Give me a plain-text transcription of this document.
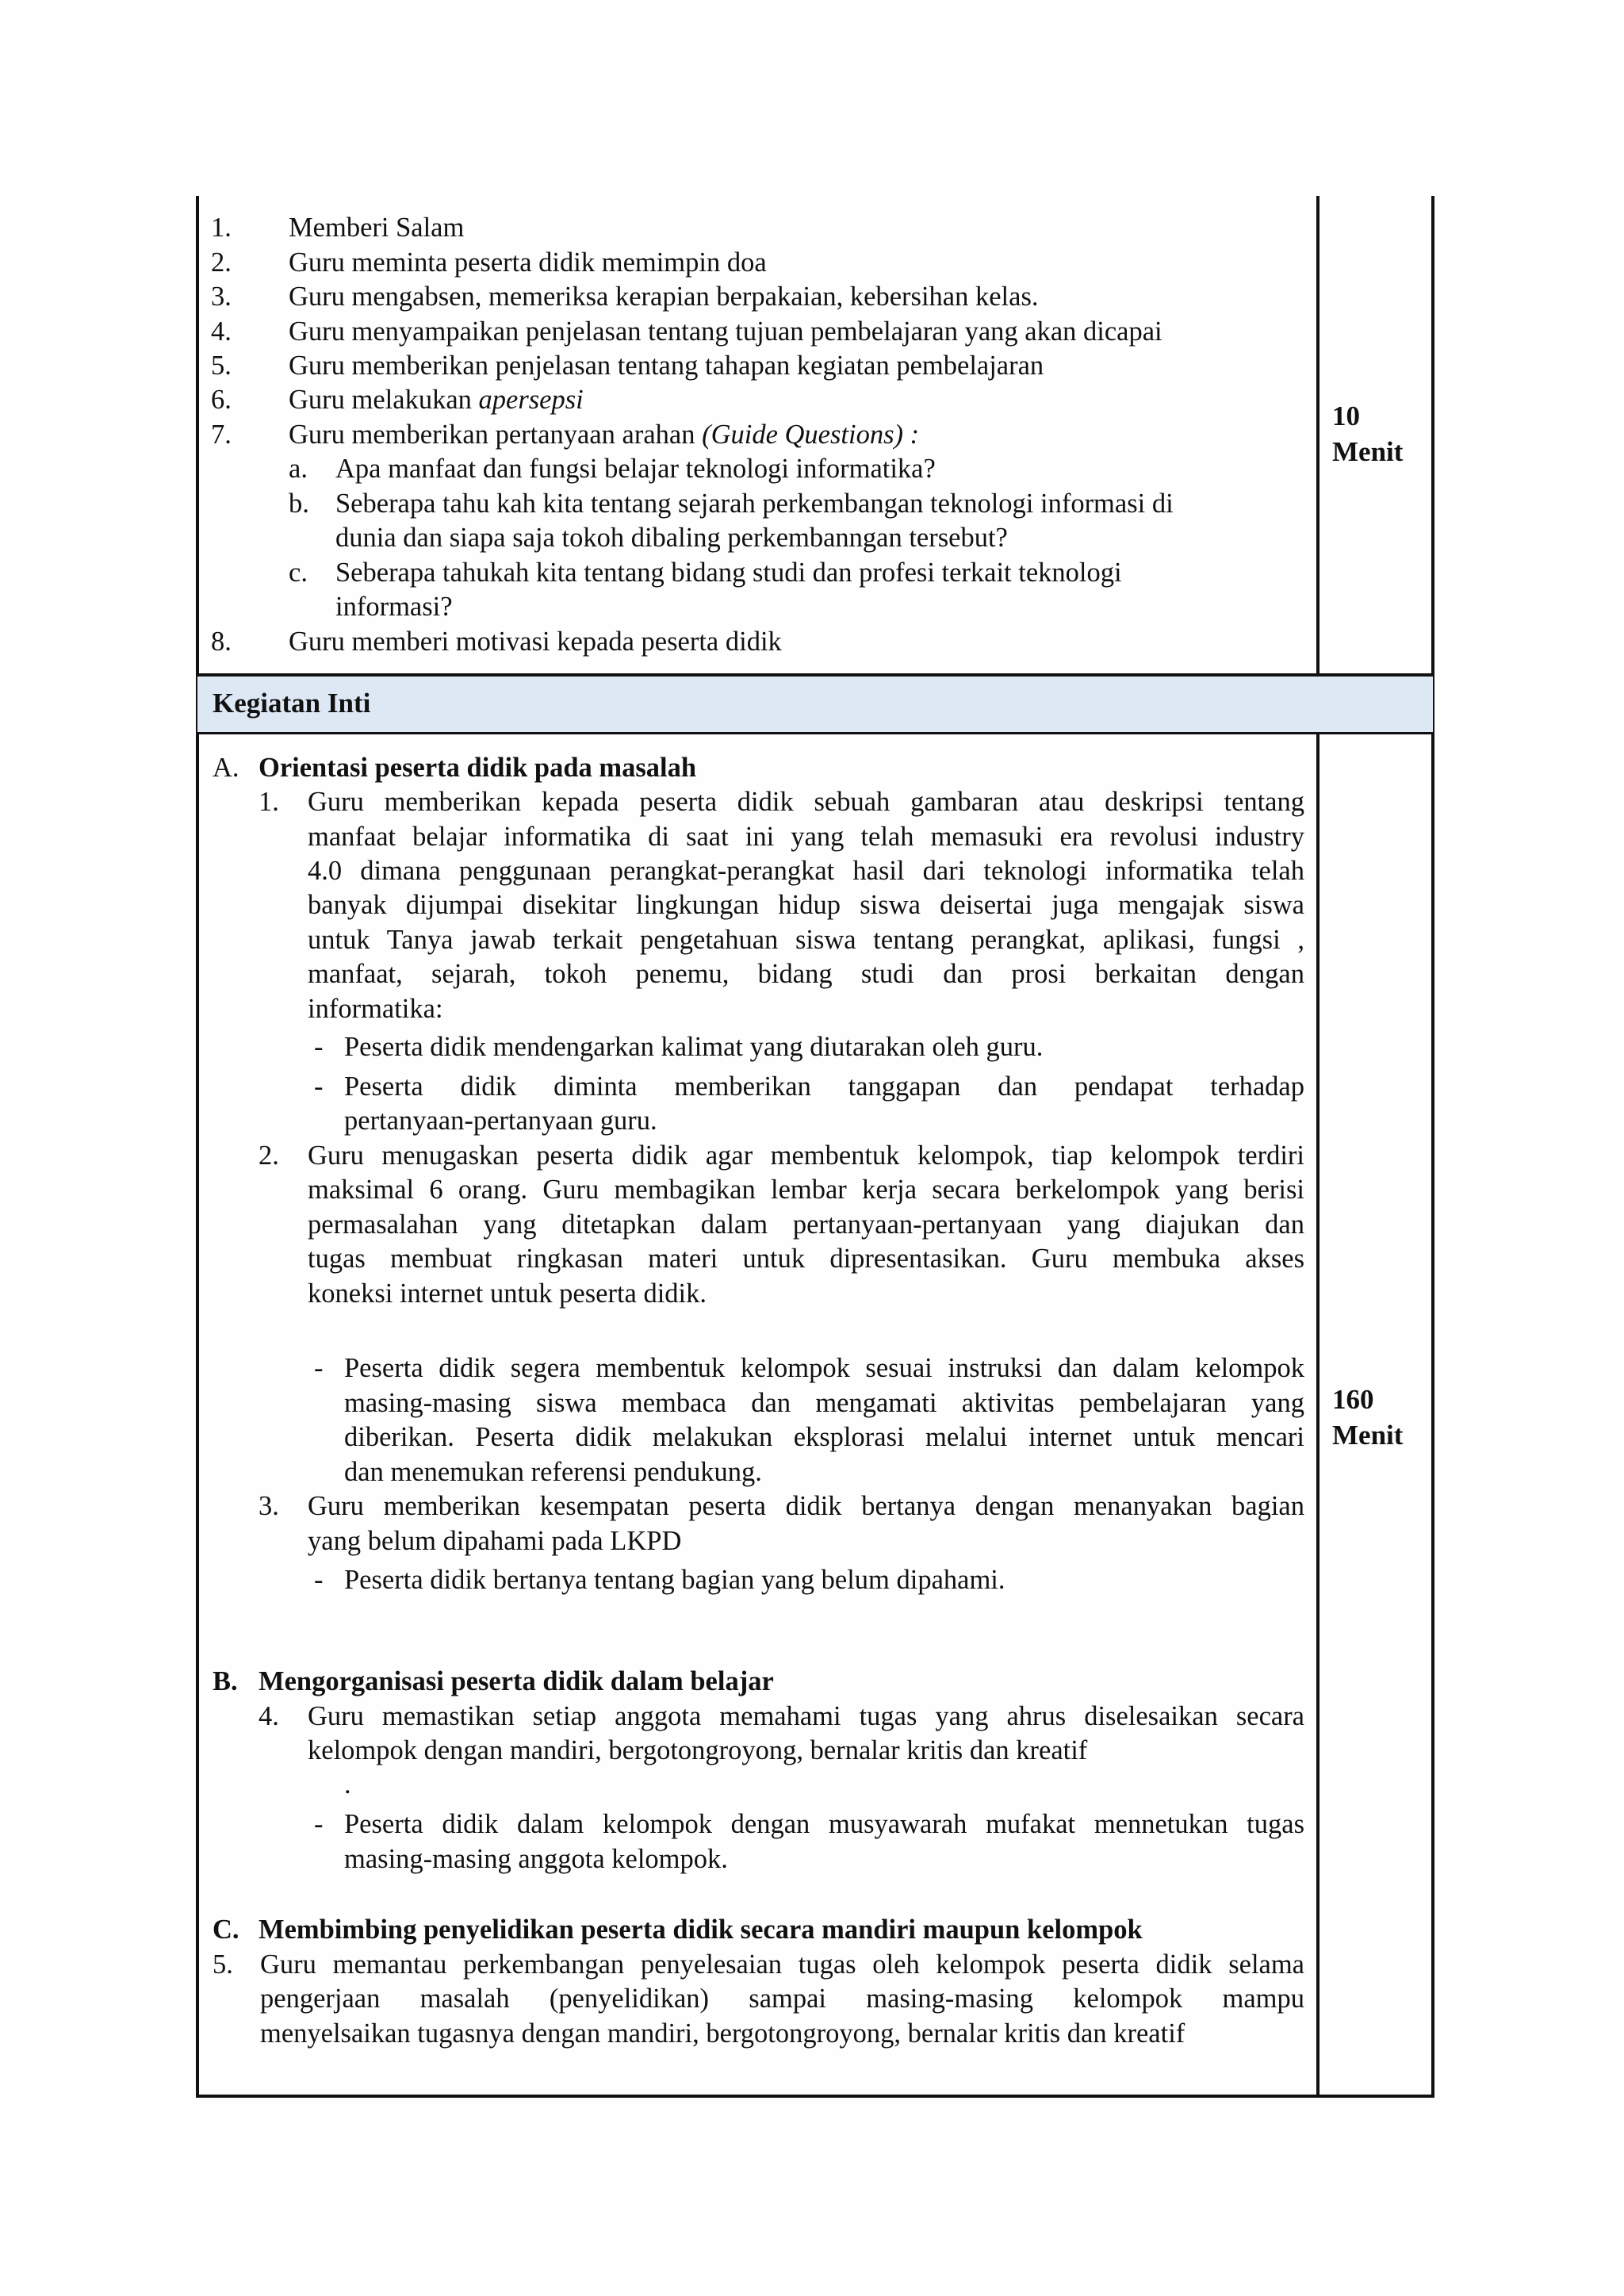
1. Memberi Salam
2. Guru meminta peserta didik memimpin doa
3. Guru mengabsen, memeriksa kerapian berpakaian, kebersihan kelas.
4. Guru menyampaikan penjelasan tentang tujuan pembelajaran yang akan dicapai
5. Guru memberikan penjelasan tentang tahapan kegiatan pembelajaran
6. Guru melakukan apersepsi
7. Guru memberikan pertanyaan arahan (Guide Questions) :
a. Apa manfaat dan fungsi belajar teknologi informatika?
b. Seberapa tahu kah kita tentang sejarah perkembangan teknologi informasi di
dunia dan siapa saja tokoh dibaling perkembanngan tersebut?
c. Seberapa tahukah kita tentang bidang studi dan profesi terkait teknologi
informasi?
8. Guru memberi motivasi kepada peserta didik
10
Menit
Kegiatan Inti
A. Orientasi peserta didik pada masalah
1. Guru memberikan kepada peserta didik sebuah gambaran atau deskripsi tentang
manfaat belajar informatika di saat ini yang telah memasuki era revolusi industry
4.0 dimana penggunaan perangkat-perangkat hasil dari teknologi informatika telah
banyak dijumpai disekitar lingkungan hidup siswa deisertai juga mengajak siswa
untuk Tanya jawab terkait pengetahuan siswa tentang perangkat, aplikasi, fungsi ,
manfaat, sejarah, tokoh penemu, bidang studi dan prosi berkaitan dengan
informatika:
- Peserta didik mendengarkan kalimat yang diutarakan oleh guru.
- Peserta didik diminta memberikan tanggapan dan pendapat terhadap
pertanyaan-pertanyaan guru.
2. Guru menugaskan peserta didik agar membentuk kelompok, tiap kelompok terdiri
maksimal 6 orang. Guru membagikan lembar kerja secara berkelompok yang berisi
permasalahan yang ditetapkan dalam pertanyaan-pertanyaan yang diajukan dan
tugas membuat ringkasan materi untuk dipresentasikan. Guru membuka akses
koneksi internet untuk peserta didik.
- Peserta didik segera membentuk kelompok sesuai instruksi dan dalam kelompok
masing-masing siswa membaca dan mengamati aktivitas pembelajaran yang
diberikan. Peserta didik melakukan eksplorasi melalui internet untuk mencari
dan menemukan referensi pendukung.
3. Guru memberikan kesempatan peserta didik bertanya dengan menanyakan bagian
yang belum dipahami pada LKPD
- Peserta didik bertanya tentang bagian yang belum dipahami.
160
Menit
B. Mengorganisasi peserta didik dalam belajar
4. Guru memastikan setiap anggota memahami tugas yang ahrus diselesaikan secara
kelompok dengan mandiri, bergotongroyong, bernalar kritis dan kreatif
.
- Peserta didik dalam kelompok dengan musyawarah mufakat mennetukan tugas
masing-masing anggota kelompok.
C. Membimbing penyelidikan peserta didik secara mandiri maupun kelompok
5. Guru memantau perkembangan penyelesaian tugas oleh kelompok peserta didik selama
pengerjaan masalah (penyelidikan) sampai masing-masing kelompok mampu
menyelsaikan tugasnya dengan mandiri, bergotongroyong, bernalar kritis dan kreatif
